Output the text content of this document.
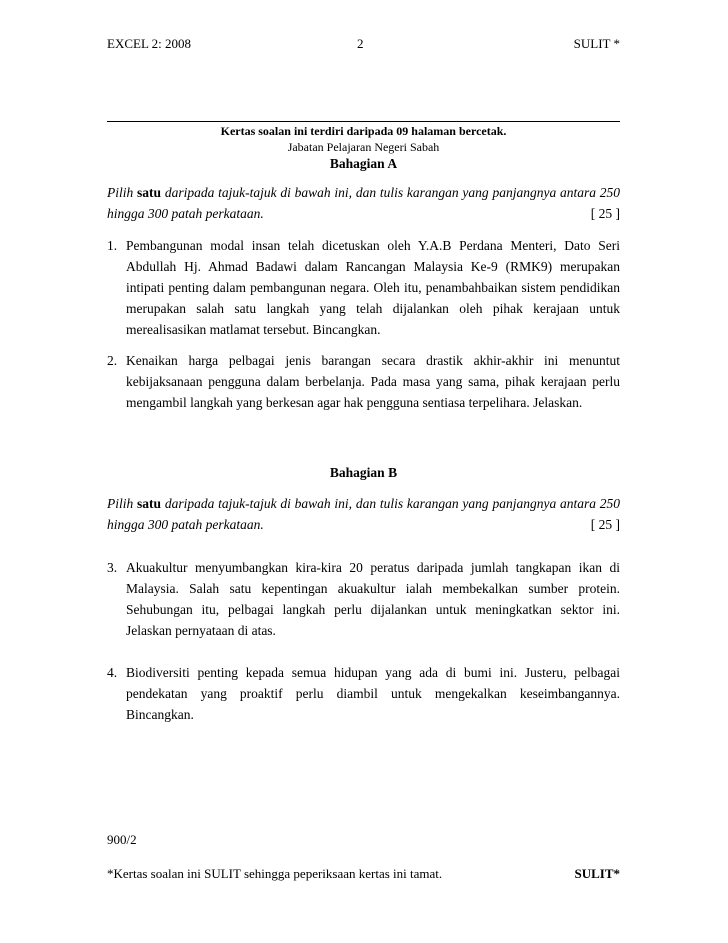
EXCEL 2: 2008	2	SULIT *
Kertas soalan ini terdiri daripada 09 halaman bercetak.
Jabatan Pelajaran Negeri Sabah
Bahagian A
Pilih satu daripada tajuk-tajuk di bawah ini, dan tulis karangan yang panjangnya antara 250 hingga 300 patah perkataan.	[ 25 ]
1. Pembangunan modal insan telah dicetuskan oleh Y.A.B Perdana Menteri, Dato Seri Abdullah Hj. Ahmad Badawi dalam Rancangan Malaysia Ke-9 (RMK9) merupakan intipati penting dalam pembangunan negara. Oleh itu, penambahbaikan sistem pendidikan merupakan salah satu langkah yang telah dijalankan oleh pihak kerajaan untuk merealisasikan matlamat tersebut. Bincangkan.
2. Kenaikan harga pelbagai jenis barangan secara drastik akhir-akhir ini menuntut kebijaksanaan pengguna dalam berbelanja. Pada masa yang sama, pihak kerajaan perlu mengambil langkah yang berkesan agar hak pengguna sentiasa terpelihara. Jelaskan.
Bahagian B
Pilih satu daripada tajuk-tajuk di bawah ini, dan tulis karangan yang panjangnya antara 250 hingga 300 patah perkataan.	[ 25 ]
3. Akuakultur menyumbangkan kira-kira 20 peratus daripada jumlah tangkapan ikan di Malaysia. Salah satu kepentingan akuakultur ialah membekalkan sumber protein. Sehubungan itu, pelbagai langkah perlu dijalankan untuk meningkatkan sektor ini. Jelaskan pernyataan di atas.
4. Biodiversiti penting kepada semua hidupan yang ada di bumi ini. Justeru, pelbagai pendekatan yang proaktif perlu diambil untuk mengekalkan keseimbangannya. Bincangkan.
900/2
*Kertas soalan ini SULIT sehingga peperiksaan kertas ini tamat.	SULIT*
